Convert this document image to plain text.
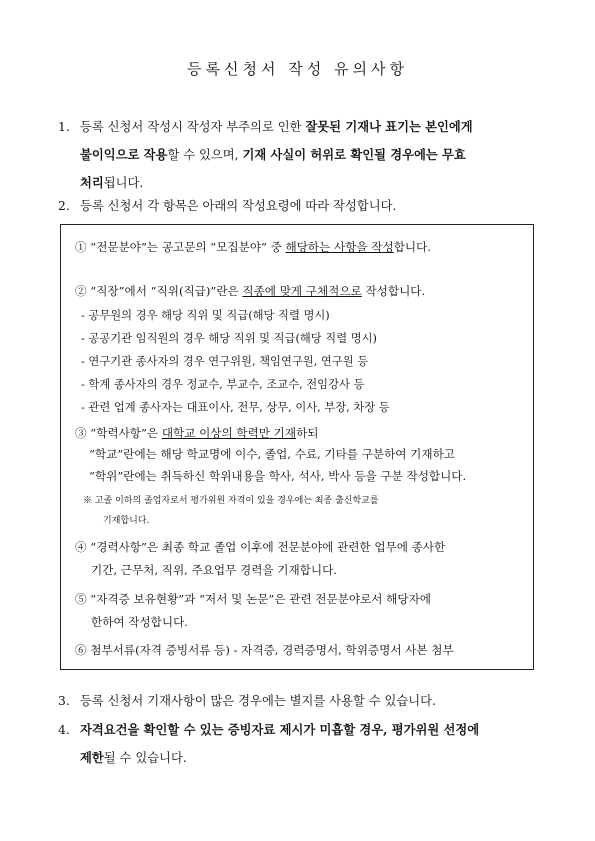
등록신청서 작성 유의사항
1. 등록 신청서 작성시 작성자 부주의로 인한 잘못된 기재나 표기는 본인에게
불이익으로 작용할 수 있으며, 기재 사실이 허위로 확인될 경우에는 무효
처리됩니다.
2. 등록 신청서 각 항목은 아래의 작성요령에 따라 작성합니다.
① “전문분야”는 공고문의 “모집분야” 중 해당하는 사항을 작성합니다.
② “직장”에서 “직위(직급)”란은 직종에 맞게 구체적으로 작성합니다.
- 공무원의 경우 해당 직위 및 직급(해당 직렬 명시)
- 공공기관 임직원의 경우 해당 직위 및 직급(해당 직렬 명시)
- 연구기관 종사자의 경우 연구위원, 책임연구원, 연구원 등
- 학계 종사자의 경우 정교수, 부교수, 조교수, 전임강사 등
- 관련 업계 종사자는 대표이사, 전무, 상무, 이사, 부장, 차장 등
③ “학력사항”은 대학교 이상의 학력만 기재하되
“학교”란에는 해당 학교명에 이수, 졸업, 수료, 기타를 구분하여 기재하고
“학위”란에는 취득하신 학위내용을 학사, 석사, 박사 등을 구분 작성합니다.
※ 고졸 이하의 졸업자로서 평가위원 자격이 있을 경우에는 최종 출신학교를
기재합니다.
④ “경력사항”은 최종 학교 졸업 이후에 전문분야에 관련한 업무에 종사한
기간, 근무처, 직위, 주요업무 경력을 기재합니다.
⑤ “자격증 보유현황”과 “저서 및 논문”은 관련 전문분야로서 해당자에
한하여 작성합니다.
⑥ 첨부서류(자격 증빙서류 등) - 자격증, 경력증명서, 학위증명서 사본 첨부
3. 등록 신청서 기재사항이 많은 경우에는 별지를 사용할 수 있습니다.
4. 자격요건을 확인할 수 있는 증빙자료 제시가 미흡할 경우, 평가위원 선정에
제한될 수 있습니다.
